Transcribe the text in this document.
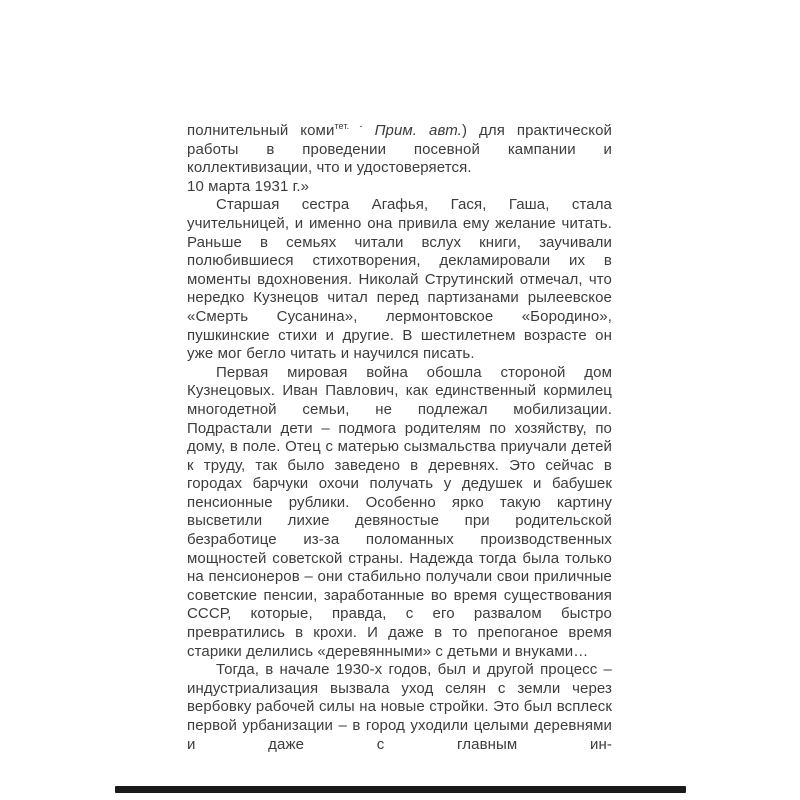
полнительный коми$^{тет. -}$ Прим. авт.) для практической работы в проведении посевной кампании и коллективизации, что и удостоверяется.

10 марта 1931 г.»

Старшая сестра Агафья, Гася, Гаша, стала учительницей, и именно она привила ему желание читать. Раньше в семьях читали вслух книги, заучивали полюбившиеся стихотворения, декламировали их в моменты вдохновения. Николай Струтинский отмечал, что нередко Кузнецов читал перед партизанами рылеевское «Смерть Сусанина», лермонтовское «Бородино», пушкинские стихи и другие. В шестилетнем возрасте он уже мог бегло читать и научился писать.

Первая мировая война обошла стороной дом Кузнецовых. Иван Павлович, как единственный кормилец многодетной семьи, не подлежал мобилизации. Подрастали дети – подмога родителям по хозяйству, по дому, в поле. Отец с матерью сызмальства приучали детей к труду, так было заведено в деревнях. Это сейчас в городах барчуки охочи получать у дедушек и бабушек пенсионные рублики. Особенно ярко такую картину высветили лихие девяностые при родительской безработице из-за поломанных производственных мощностей советской страны. Надежда тогда была только на пенсионеров – они стабильно получали свои приличные советские пенсии, заработанные во время существования СССР, которые, правда, с его развалом быстро превратились в крохи. И даже в то препоганое время старики делились «деревянными» с детьми и внуками…

Тогда, в начале 1930-х годов, был и другой процесс – индустриализация вызвала уход селян с земли через вербовку рабочей силы на новые стройки. Это был всплеск первой урбанизации – в город уходили целыми деревнями и даже с главным ин-
